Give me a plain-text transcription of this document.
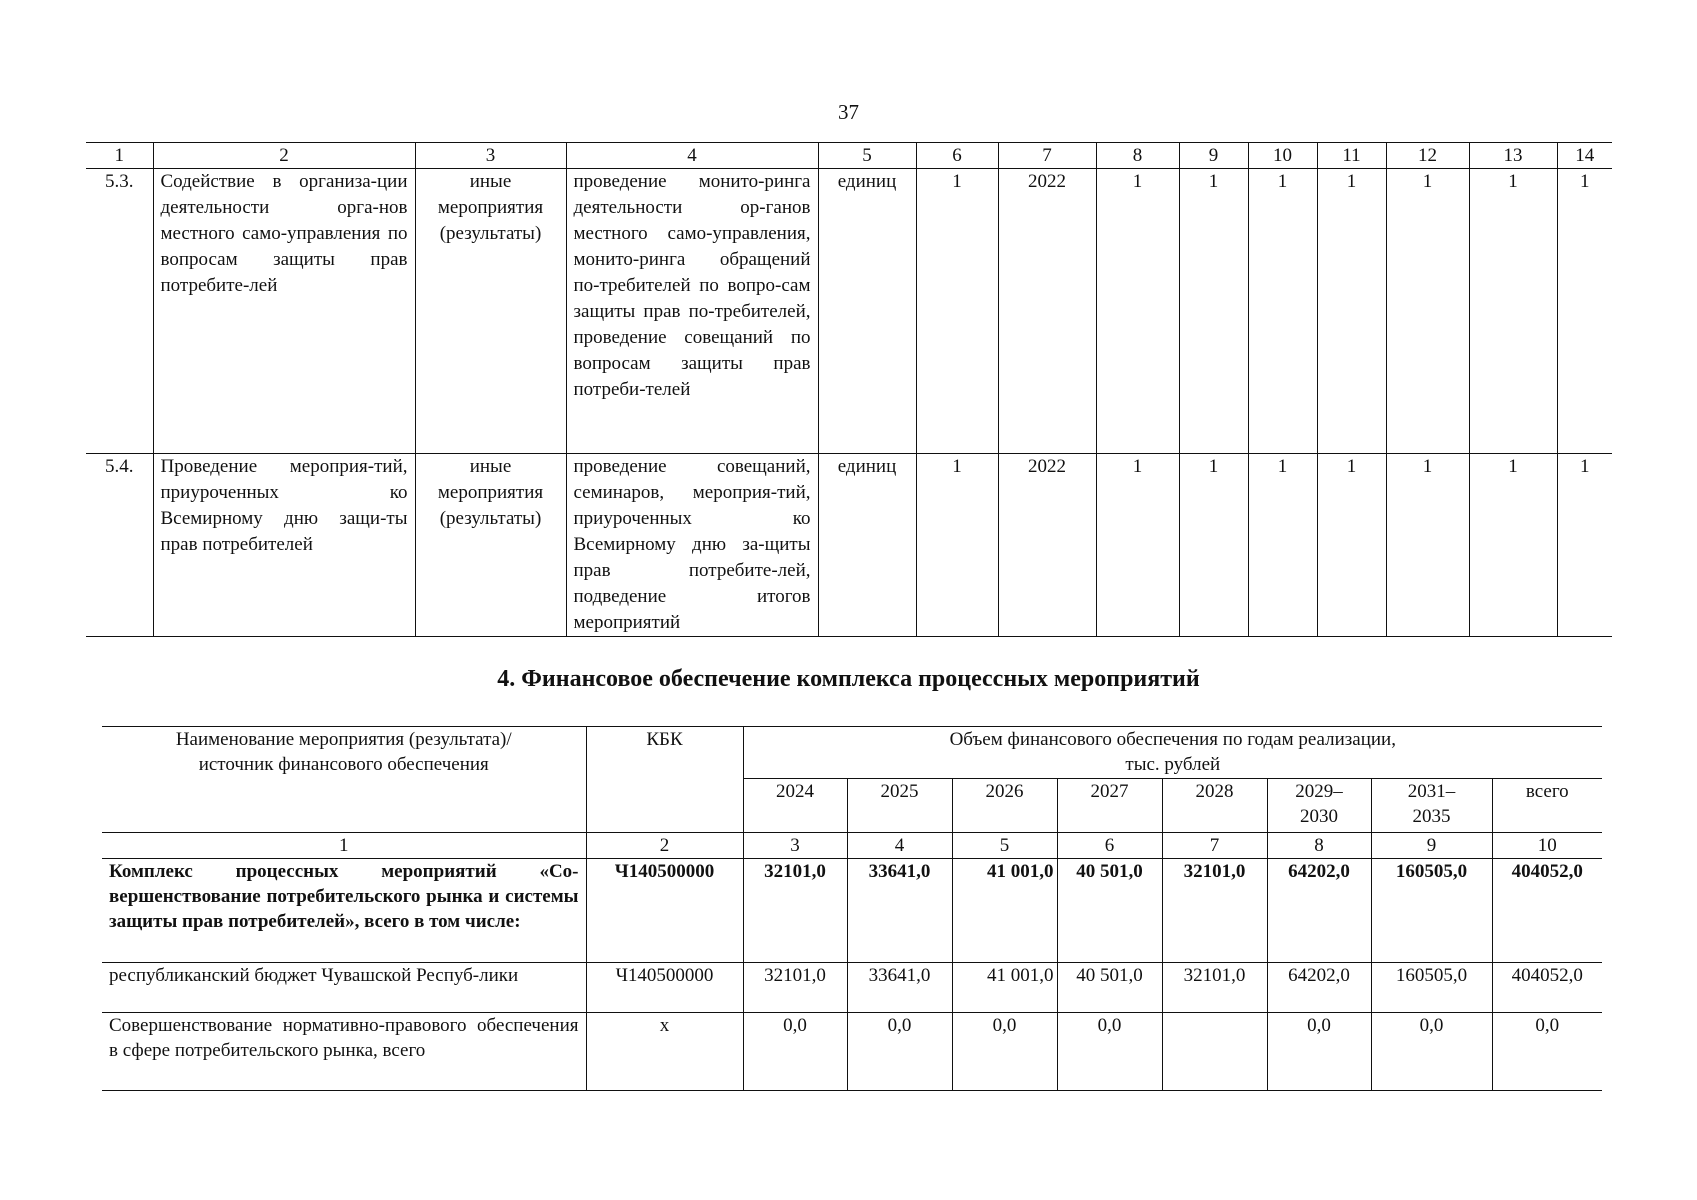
37
1	2	3	4	5	6	7	8	9	10	11	12	13	14
5.3.	Содействие в организа-ции деятельности орга-нов местного само-управления по вопросам защиты прав потребите-лей	иные мероприятия (результаты)	проведение монито-ринга деятельности ор-ганов местного само-управления, монито-ринга обращений по-требителей по вопро-сам защиты прав по-требителей, проведение совещаний по вопросам защиты прав потреби-телей	единиц	1	2022	1	1	1	1	1	1	1
5.4.	Проведение мероприя-тий, приуроченных ко Всемирному дню защи-ты прав потребителей	иные мероприятия (результаты)	проведение совещаний, семинаров, мероприя-тий, приуроченных ко Всемирному дню за-щиты прав потребите-лей, подведение итогов мероприятий	единиц	1	2022	1	1	1	1	1	1	1
4. Финансовое обеспечение комплекса процессных мероприятий
Наименование мероприятия (результата)/ источник финансового обеспечения	КБК	Объем финансового обеспечения по годам реализации, тыс. рублей							
		2024	2025	2026	2027	2028	2029–2030	2031–2035	всего
1	2	3	4	5	6	7	8	9	10
Комплекс процессных мероприятий «Со-вершенствование потребительского рынка и системы защиты прав потребителей», всего в том числе:	Ч140500000	32101,0	33641,0	41 001,0	40 501,0	32101,0	64202,0	160505,0	404052,0
республиканский бюджет Чувашской Респуб-лики	Ч140500000	32101,0	33641,0	41 001,0	40 501,0	32101,0	64202,0	160505,0	404052,0
Совершенствование нормативно-правового обеспечения в сфере потребительского рынка, всего	х	0,0	0,0	0,0	0,0		0,0	0,0	0,0
